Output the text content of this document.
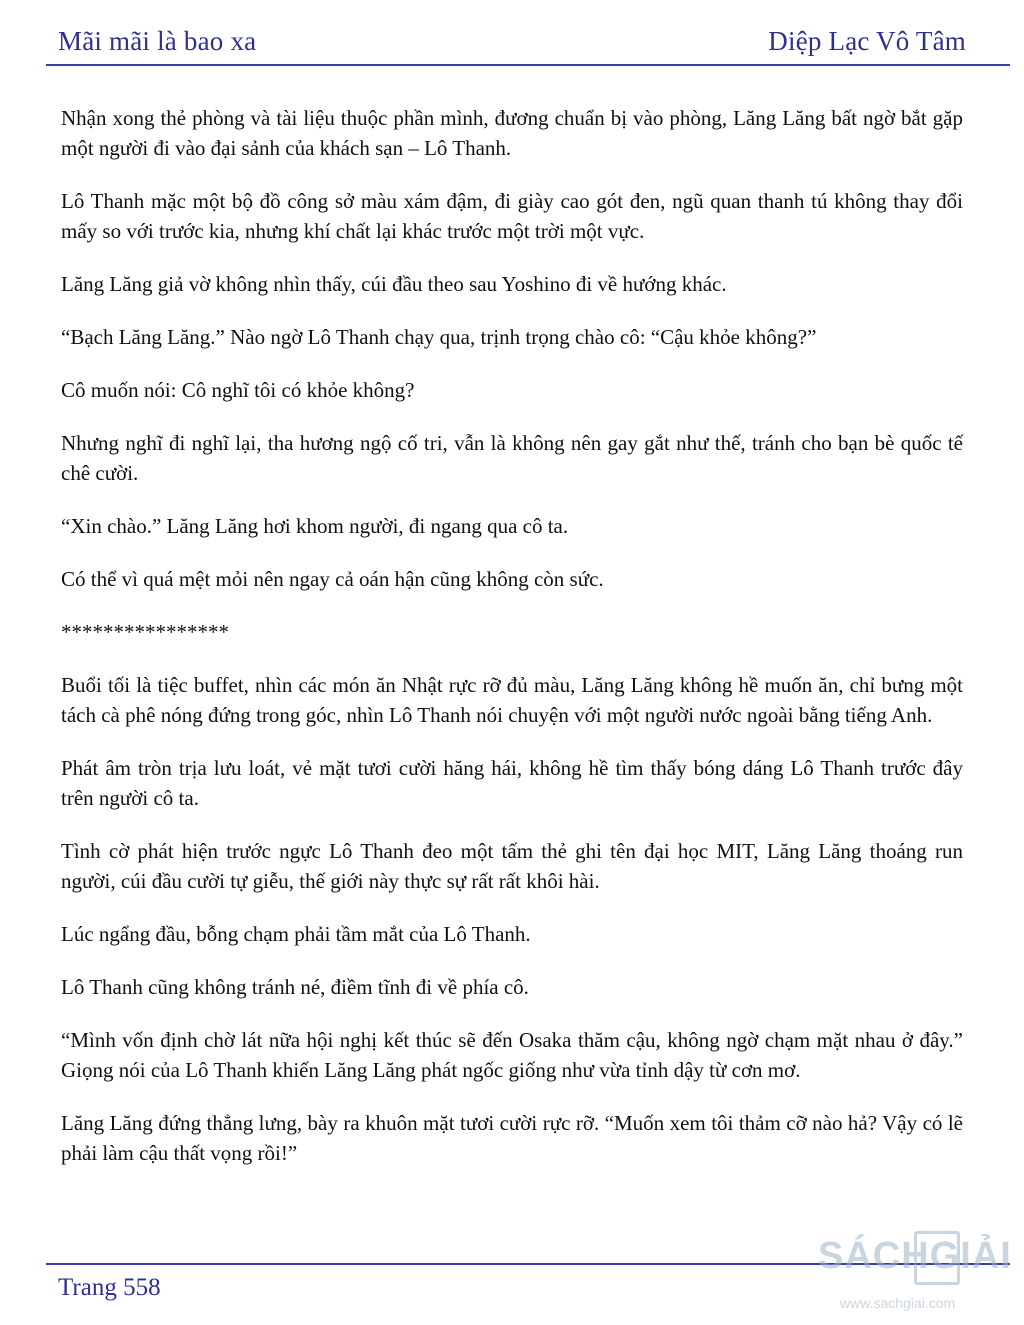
Mãi mãi là bao xa	Diệp Lạc Vô Tâm

Nhận xong thẻ phòng và tài liệu thuộc phần mình, đương chuẩn bị vào phòng, Lăng Lăng bất ngờ bắt gặp một người đi vào đại sảnh của khách sạn – Lô Thanh.

Lô Thanh mặc một bộ đồ công sở màu xám đậm, đi giày cao gót đen, ngũ quan thanh tú không thay đổi mấy so với trước kia, nhưng khí chất lại khác trước một trời một vực.

Lăng Lăng giả vờ không nhìn thấy, cúi đầu theo sau Yoshino đi về hướng khác.

“Bạch Lăng Lăng.” Nào ngờ Lô Thanh chạy qua, trịnh trọng chào cô: “Cậu khỏe không?”

Cô muốn nói: Cô nghĩ tôi có khỏe không?

Nhưng nghĩ đi nghĩ lại, tha hương ngộ cố tri, vẫn là không nên gay gắt như thế, tránh cho bạn bè quốc tế chê cười.

“Xin chào.” Lăng Lăng hơi khom người, đi ngang qua cô ta.

Có thể vì quá mệt mỏi nên ngay cả oán hận cũng không còn sức.

****************

Buổi tối là tiệc buffet, nhìn các món ăn Nhật rực rỡ đủ màu, Lăng Lăng không hề muốn ăn, chỉ bưng một tách cà phê nóng đứng trong góc, nhìn Lô Thanh nói chuyện với một người nước ngoài bằng tiếng Anh.

Phát âm tròn trịa lưu loát, vẻ mặt tươi cười hăng hái, không hề tìm thấy bóng dáng Lô Thanh trước đây trên người cô ta.

Tình cờ phát hiện trước ngực Lô Thanh đeo một tấm thẻ ghi tên đại học MIT, Lăng Lăng thoáng run người, cúi đầu cười tự giễu, thế giới này thực sự rất rất khôi hài.

Lúc ngẩng đầu, bỗng chạm phải tầm mắt của Lô Thanh.

Lô Thanh cũng không tránh né, điềm tĩnh đi về phía cô.

“Mình vốn định chờ lát nữa hội nghị kết thúc sẽ đến Osaka thăm cậu, không ngờ chạm mặt nhau ở đây.” Giọng nói của Lô Thanh khiến Lăng Lăng phát ngốc giống như vừa tỉnh dậy từ cơn mơ.

Lăng Lăng đứng thẳng lưng, bày ra khuôn mặt tươi cười rực rỡ. “Muốn xem tôi thảm cỡ nào hả? Vậy có lẽ phải làm cậu thất vọng rồi!”

Trang 558
SÁCHGIẢI
www.sachgiai.com
